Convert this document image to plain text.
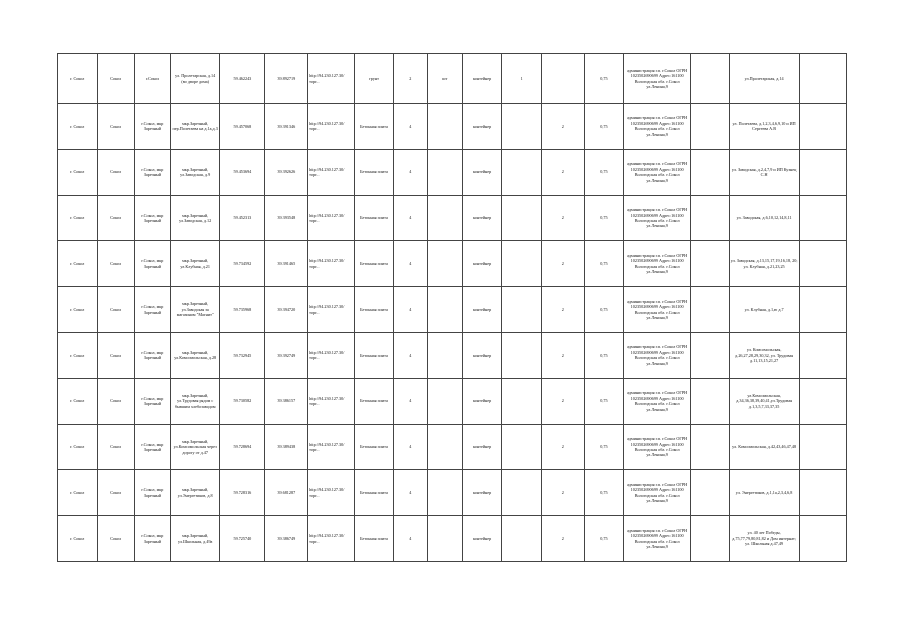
г. Сокол	Сокол	г.Сокол	ул. Пролетарская, д.14 (во дворе дома)	59.462243	39.892719	http://94.230.127.30/торг...	грунт	2	шт	контейнер	1		0,75	администрация г.п. г.Сокол ОГРН 1023502690699 Адрес:161100 Вологодская обл. г.Сокол ул.Ленина,9		ул.Пролетарская, д.14	
г. Сокол	Сокол	г.Сокол, мкр Заречный	мкр.Заречный, пер.Полетаева на д.1а,д.3	59.457068	39.391346	http://94.230.127.30/торг...	Бетонная плита	4		контейнер		2	0,75	администрация г.п. г.Сокол ОГРН 1023502690699 Адрес:161100 Вологодская обл. г.Сокол ул.Ленина,9		ул. Полетаева, д.1,2,3,4,6,9,10 и ИП Сергеева А.В	
г. Сокол	Сокол	г.Сокол, мкр Заречный	мкр.Заречный, ул.Заводская, д.9	59.453694	39.392626	http://94.230.127.30/торг...	Бетонная плита	4		контейнер		2	0,75	администрация г.п. г.Сокол ОГРН 1023502690699 Адрес:161100 Вологодская обл. г.Сокол ул.Ленина,9		ул. Заводская, д.2,4,7,9 и ИП Кузнец С.Н	
г. Сокол	Сокол	г.Сокол, мкр Заречный	мкр.Заречный, ул.Заводская, д.12	59.452313	39.393548	http://94.230.127.30/торг...	Бетонная плита	4		контейнер		2	0,75	администрация г.п. г.Сокол ОГРН 1023502690699 Адрес:161100 Вологодская обл. г.Сокол ул.Ленина,9		ул. Заводская, д.6,10,12,14,8,11	
г. Сокол	Сокол	г.Сокол, мкр Заречный	мкр.Заречный, ул.Клубная, д.21	59.734592	39.391465	http://94.230.127.30/торг...	Бетонная плита	4		контейнер		2	0,75	администрация г.п. г.Сокол ОГРН 1023502690699 Адрес:161100 Вологодская обл. г.Сокол ул.Ленина,9		ул. Заводская, д.13,15,17,19,16,18, 20; ул. Клубная, д.21,23,25	
г. Сокол	Сокол	г.Сокол, мкр Заречный	мкр.Заречный, ул.Заводская за магазином "Магнит"	59.735968	39.394720	http://94.230.127.30/торг...	Бетонная плита	4		контейнер		2	0,75	администрация г.п. г.Сокол ОГРН 1023502690699 Адрес:161100 Вологодская обл. г.Сокол ул.Ленина,9		ул. Клубная, д.1,ю д.7	
г. Сокол	Сокол	г.Сокол, мкр Заречный	мкр.Заречный, ул.Комсомольская, д.28	59.732945	39.392749	http://94.230.127.30/торг...	Бетонная плита	4		контейнер		2	0,75	администрация г.п. г.Сокол ОГРН 1023502690699 Адрес:161100 Вологодская обл. г.Сокол ул.Ленина,9		ул. Комсомольская, д.26,27,28,29,30,32, ул. Трудовая д.11,13,15,21,27	
г. Сокол	Сокол	г.Сокол, мкр Заречный	мкр.Заречный, ул.Трудовая рядом с бывшим хлебозаводом	59.730582	39.386157	http://94.230.127.30/торг...	Бетонная плита	4		контейнер		2	0,75	администрация г.п. г.Сокол ОГРН 1023502690699 Адрес:161100 Вологодская обл. г.Сокол ул.Ленина,9		ул.Комсомольская, д.34,36,38,39,40,41,ул.Трудовая д.1,3,5,7,33,37,35	
г. Сокол	Сокол	г.Сокол, мкр Заречный	мкр.Заречный, ул.Комсомольская через дорогу от д.47	59.728694	39.389438	http://94.230.127.30/торг...	Бетонная плита	4		контейнер		2	0,75	администрация г.п. г.Сокол ОГРН 1023502690699 Адрес:161100 Вологодская обл. г.Сокол ул.Ленина,9		ул. Комсомольская, д.42,43,46,47,48	
г. Сокол	Сокол	г.Сокол, мкр Заречный	мкр.Заречный, ул.Энергетиков, д.8	59.728316	39.681287	http://94.230.127.30/торг...	Бетонная плита	4		контейнер		2	0,75	администрация г.п. г.Сокол ОГРН 1023502690699 Адрес:161100 Вологодская обл. г.Сокол ул.Ленина,9		ул. Энергетиков, д.1,1а,2,3,4,6,8	
г. Сокол	Сокол	г.Сокол, мкр Заречный	мкр.Заречный, ул.Школьная, д.49а	59.725740	39.386749	http://94.230.127.30/торг...	Бетонная плита	4		контейнер		2	0,75	администрация г.п. г.Сокол ОГРН 1023502690699 Адрес:161100 Вологодская обл. г.Сокол ул.Ленина,9		ул. 40 лет Победы, д.75,77,79,80,81,82 и Дом интернат; ул. Школьная д.47,49	
